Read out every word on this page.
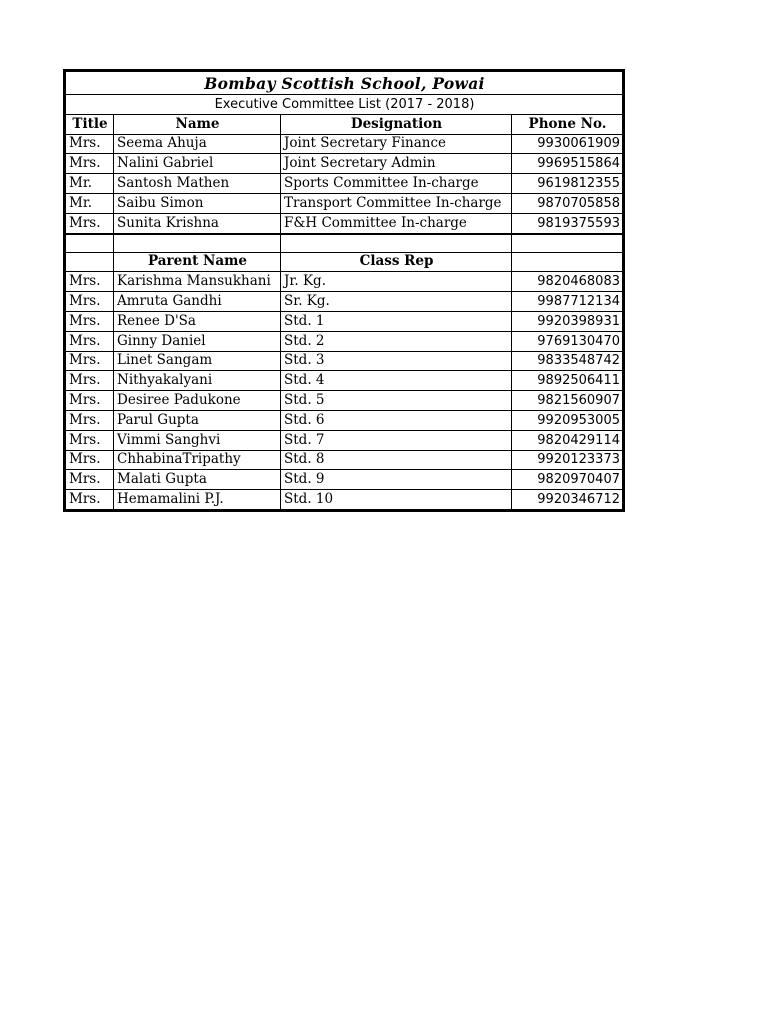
Bombay Scottish School, Powai			
Executive Committee List (2017 - 2018)			
Title	Name	Designation	Phone No.
Mrs.	Seema Ahuja	Joint Secretary Finance	9930061909
Mrs.	Nalini Gabriel	Joint Secretary Admin	9969515864
Mr.	Santosh Mathen	Sports Committee In-charge	9619812355
Mr.	Saibu Simon	Transport Committee In-charge	9870705858
Mrs.	Sunita Krishna	F&H Committee In-charge	9819375593

	Parent Name	Class Rep	
Mrs.	Karishma Mansukhani	Jr. Kg.	9820468083
Mrs.	Amruta Gandhi	Sr. Kg.	9987712134
Mrs.	Renee D'Sa	Std. 1	9920398931
Mrs.	Ginny Daniel	Std. 2	9769130470
Mrs.	Linet Sangam	Std. 3	9833548742
Mrs.	Nithyakalyani	Std. 4	9892506411
Mrs.	Desiree Padukone	Std. 5	9821560907
Mrs.	Parul Gupta	Std. 6	9920953005
Mrs.	Vimmi Sanghvi	Std. 7	9820429114
Mrs.	ChhabinaTripathy	Std. 8	9920123373
Mrs.	Malati Gupta	Std. 9	9820970407
Mrs.	Hemamalini P.J.	Std. 10	9920346712
